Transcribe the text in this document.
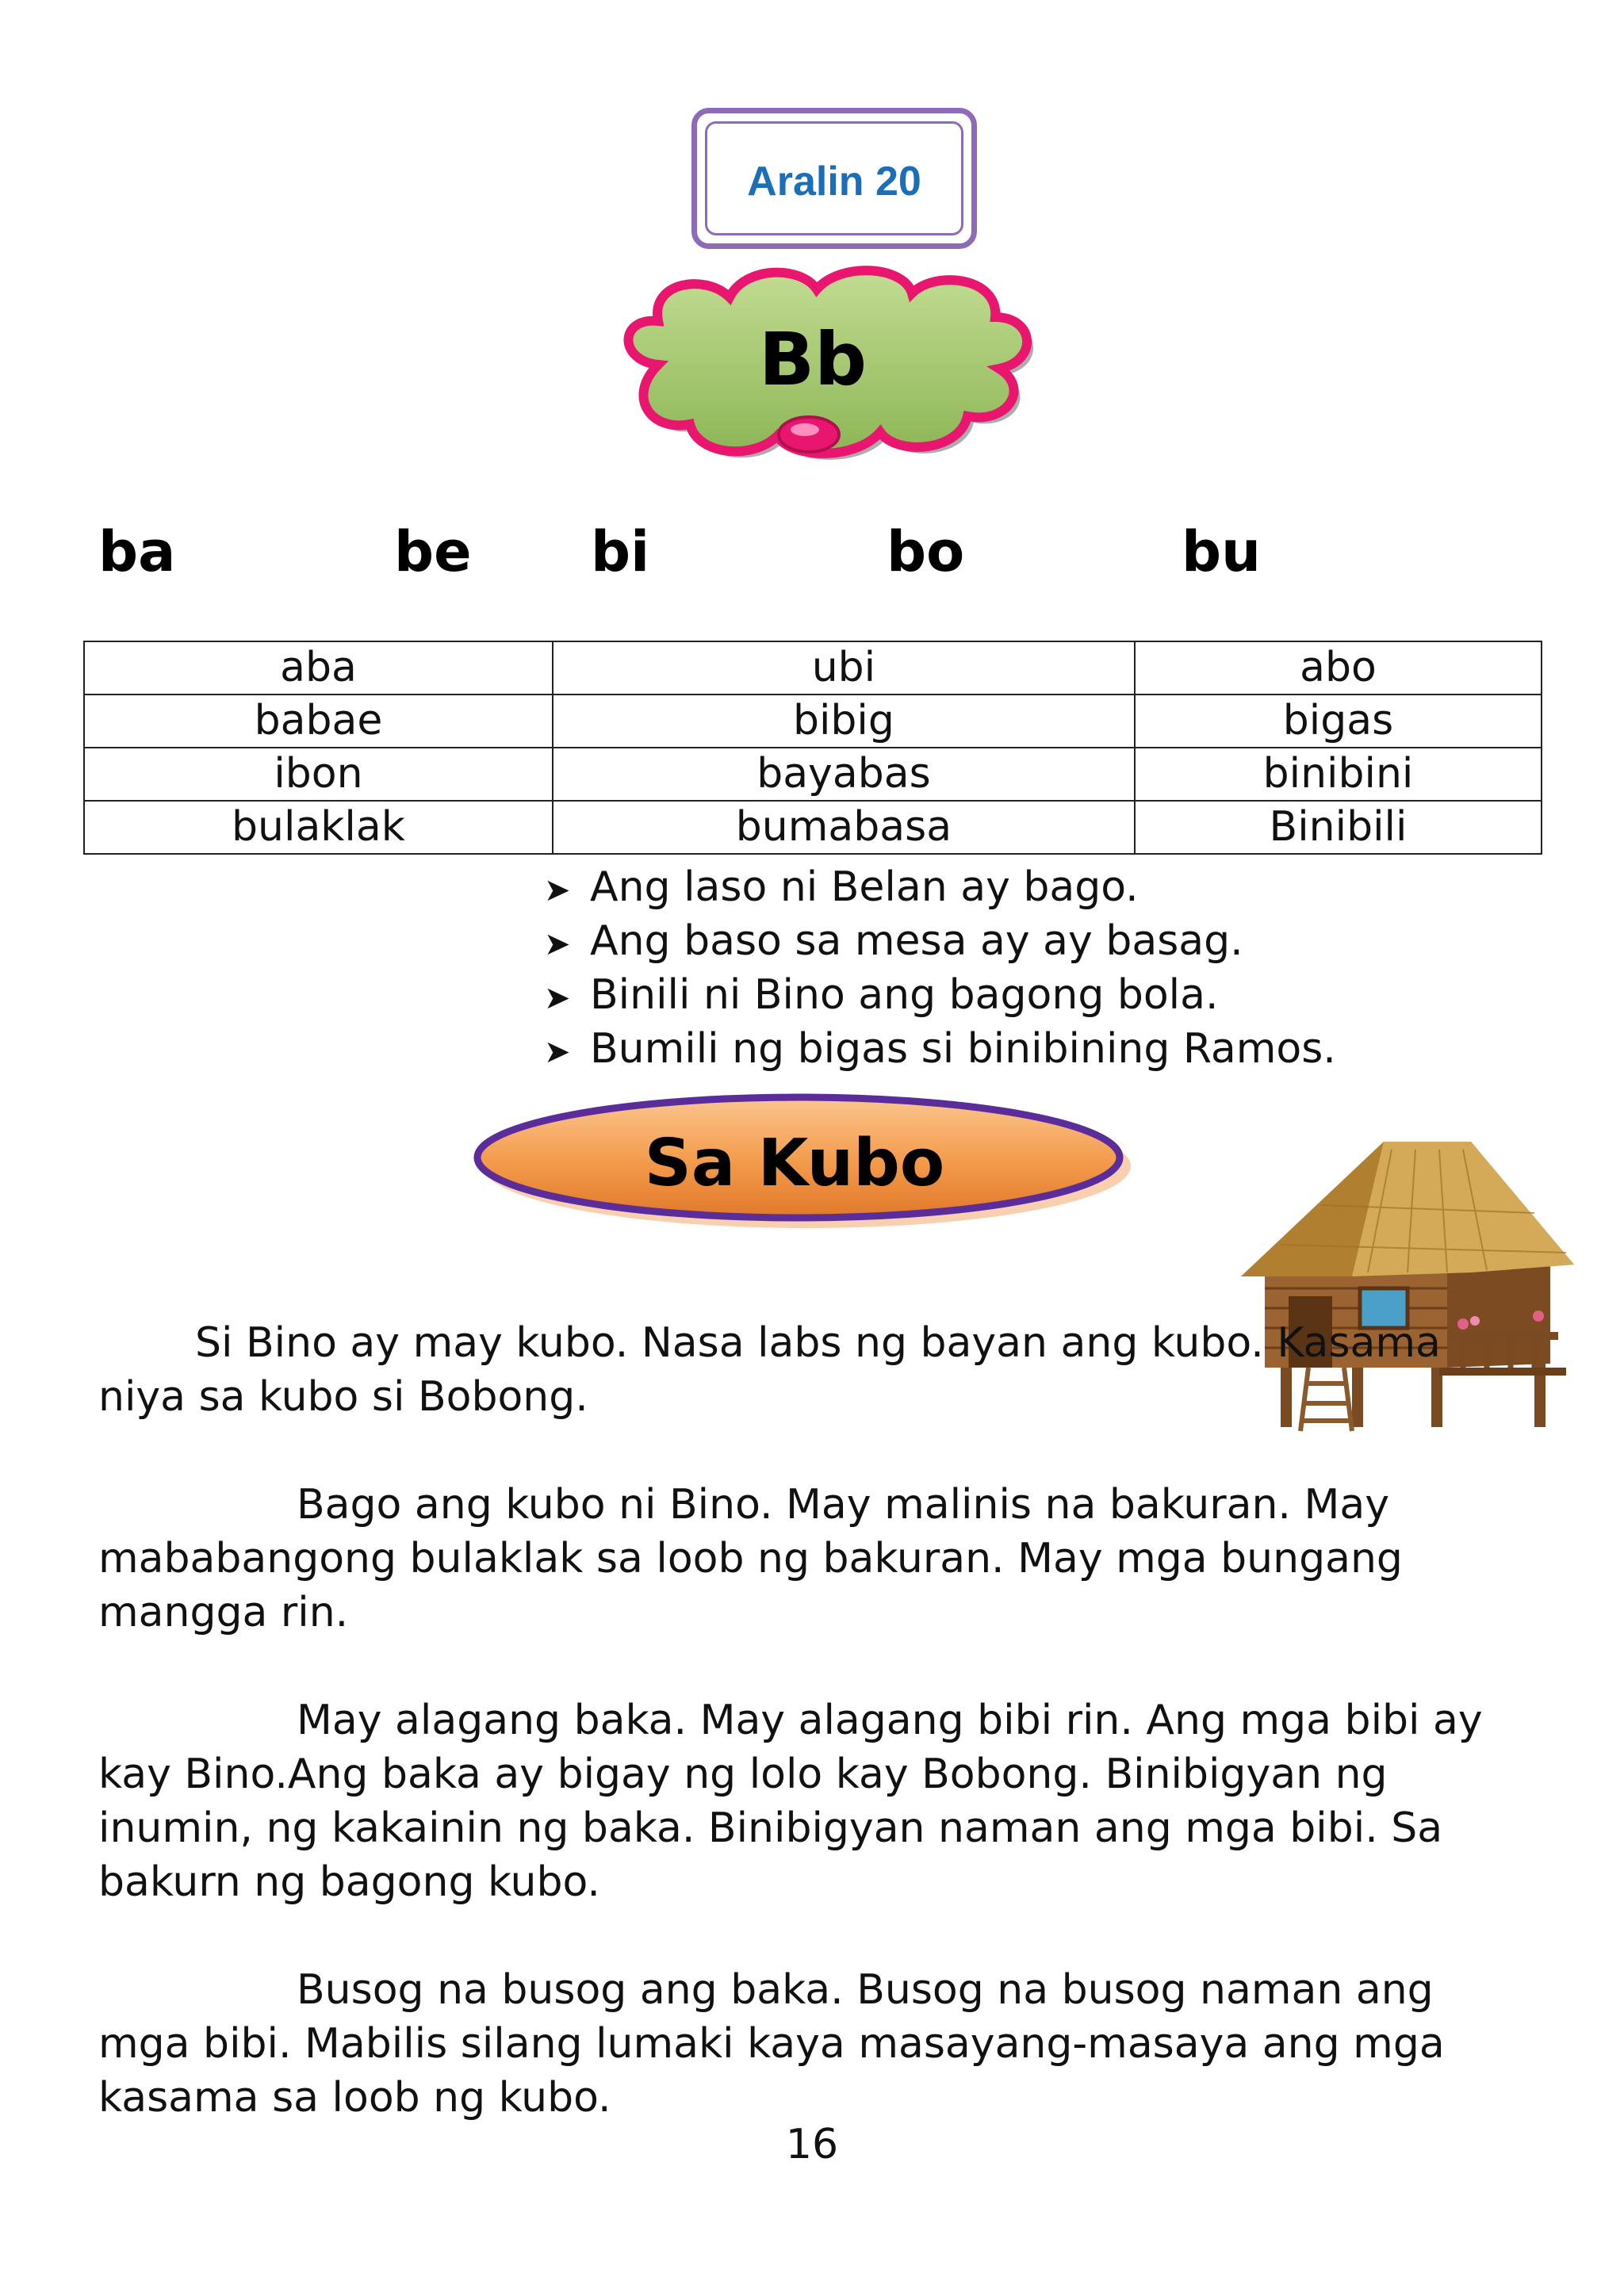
Aralin 20
Bb
ba	be bi	bo	bu
aba	ubi	abo
babae	bibig	bigas
ibon	bayabas	binibini
bulaklak	bumabasa	Binibili
➤ Ang laso ni Belan ay bago.
➤ Ang baso sa mesa ay ay basag.
➤ Binili ni Bino ang bagong bola.
➤ Bumili ng bigas si binibining Ramos.
Sa Kubo

Si Bino ay may kubo. Nasa labs ng bayan ang kubo. Kasama niya sa kubo si Bobong.

Bago ang kubo ni Bino. May malinis na bakuran. May mababangong bulaklak sa loob ng bakuran. May mga bungang mangga rin.

May alagang baka. May alagang bibi rin. Ang mga bibi ay kay Bino.Ang baka ay bigay ng lolo kay Bobong. Binibigyan ng inumin, ng kakainin ng baka. Binibigyan naman ang mga bibi. Sa bakurn ng bagong kubo.

Busog na busog ang baka. Busog na busog naman ang mga bibi. Mabilis silang lumaki kaya masayang-masaya ang mga kasama sa loob ng kubo.

16
